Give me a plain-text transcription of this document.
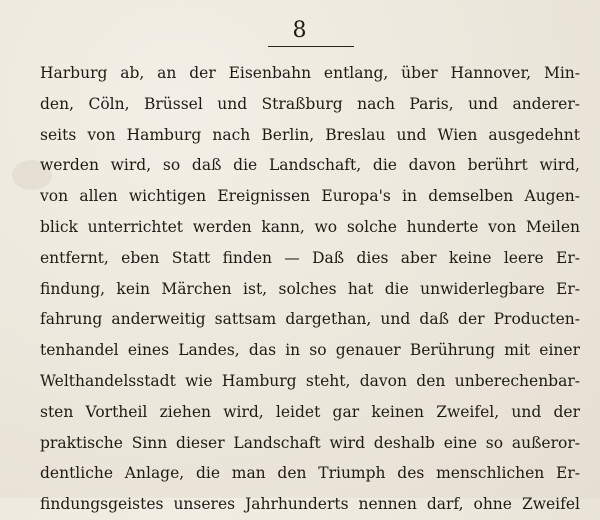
8
Harburg ab, an der Eisenbahn entlang, über Hannover, Min-
den, Cöln, Brüssel und Straßburg nach Paris, und anderer-
seits von Hamburg nach Berlin, Breslau und Wien ausgedehnt
werden wird, so daß die Landschaft, die davon berührt wird,
von allen wichtigen Ereignissen Europa's in demselben Augen-
blick unterrichtet werden kann, wo solche hunderte von Meilen
entfernt, eben Statt finden — Daß dies aber keine leere Er-
findung, kein Märchen ist, solches hat die unwiderlegbare Er-
fahrung anderweitig sattsam dargethan, und daß der Producten-
tenhandel eines Landes, das in so genauer Berührung mit einer
Welthandelsstadt wie Hamburg steht, davon den unberechenbar-
sten Vortheil ziehen wird, leidet gar keinen Zweifel, und der
praktische Sinn dieser Landschaft wird deshalb eine so außeror-
dentliche Anlage, die man den Triumph des menschlichen Er-
findungsgeistes unseres Jahrhunderts nennen darf, ohne Zweifel
